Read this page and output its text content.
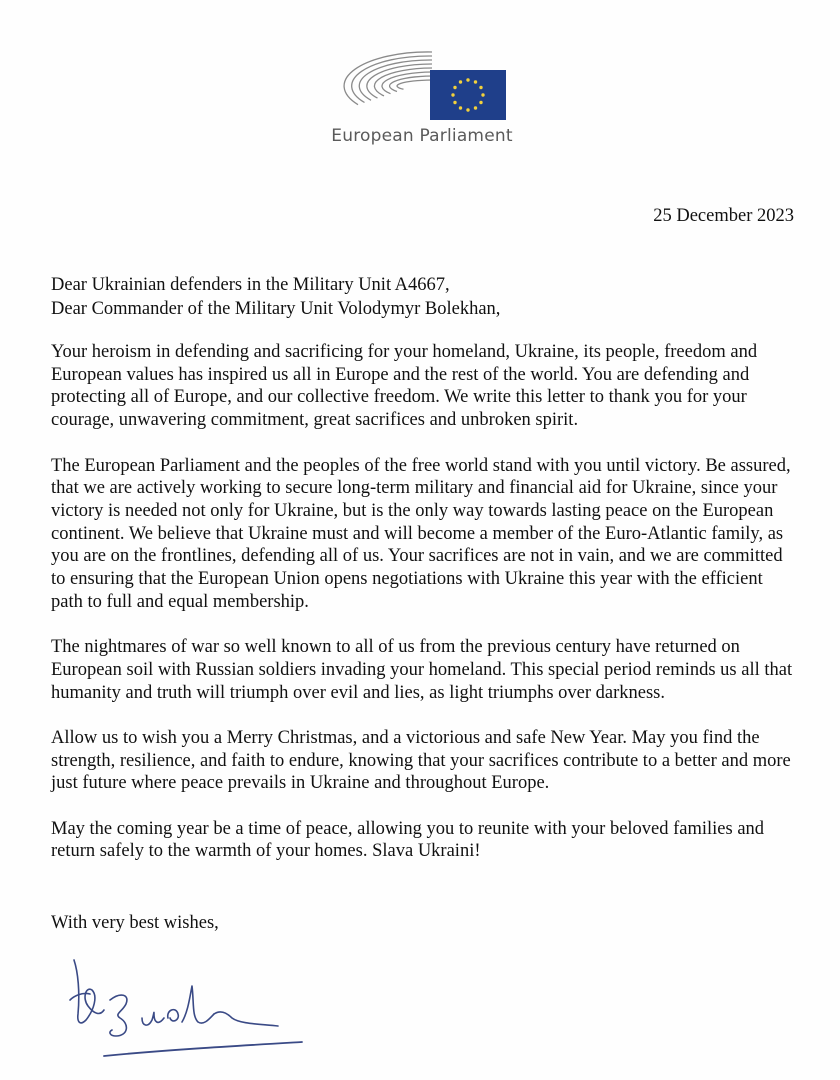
European Parliament
25 December 2023
Dear Ukrainian defenders in the Military Unit A4667,
Dear Commander of the Military Unit Volodymyr Bolekhan,

Your heroism in defending and sacrificing for your homeland, Ukraine, its people, freedom and European values has inspired us all in Europe and the rest of the world. You are defending and protecting all of Europe, and our collective freedom. We write this letter to thank you for your courage, unwavering commitment, great sacrifices and unbroken spirit.

The European Parliament and the peoples of the free world stand with you until victory. Be assured, that we are actively working to secure long-term military and financial aid for Ukraine, since your victory is needed not only for Ukraine, but is the only way towards lasting peace on the European continent. We believe that Ukraine must and will become a member of the Euro-Atlantic family, as you are on the frontlines, defending all of us. Your sacrifices are not in vain, and we are committed to ensuring that the European Union opens negotiations with Ukraine this year with the efficient path to full and equal membership.

The nightmares of war so well known to all of us from the previous century have returned on European soil with Russian soldiers invading your homeland. This special period reminds us all that humanity and truth will triumph over evil and lies, as light triumphs over darkness.

Allow us to wish you a Merry Christmas, and a victorious and safe New Year. May you find the strength, resilience, and faith to endure, knowing that your sacrifices contribute to a better and more just future where peace prevails in Ukraine and throughout Europe.

May the coming year be a time of peace, allowing you to reunite with your beloved families and return safely to the warmth of your homes. Slava Ukraini!

With very best wishes,
